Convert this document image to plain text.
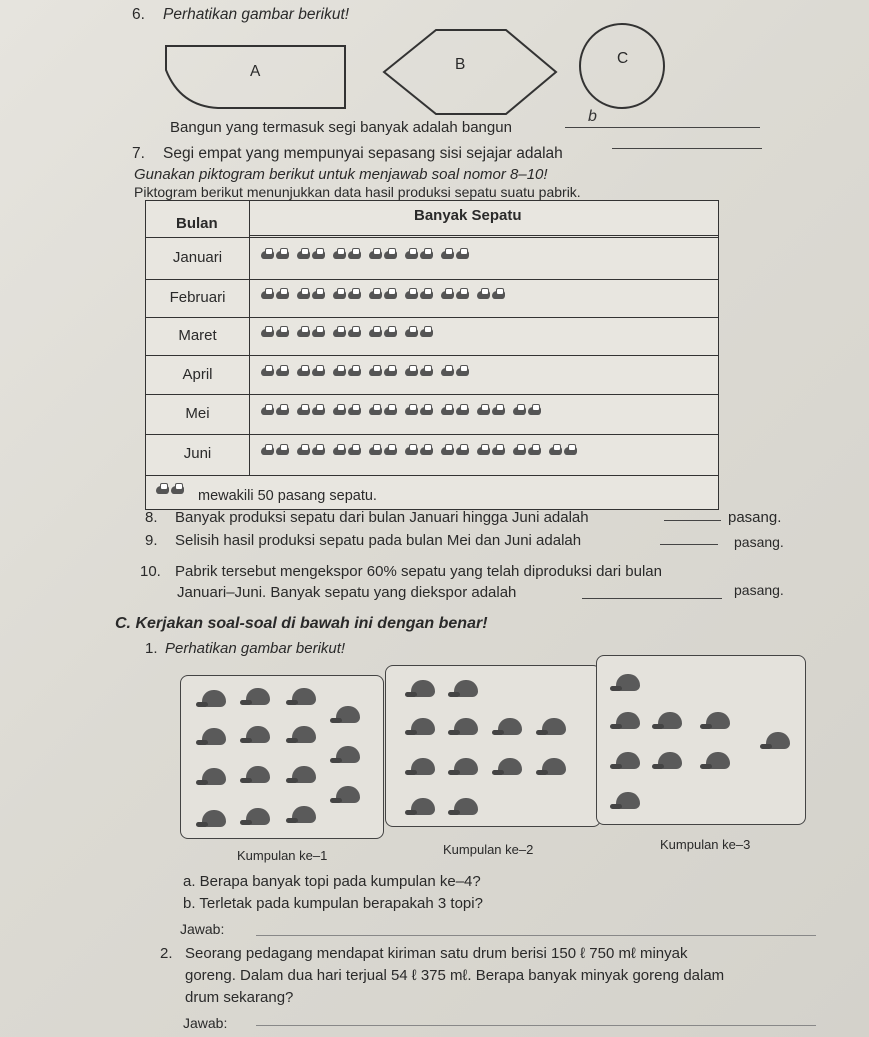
6. Perhatikan gambar berikut!
A	B	C
Bangun yang termasuk segi banyak adalah bangun
b
7. Segi empat yang mempunyai sepasang sisi sejajar adalah
Gunakan piktogram berikut untuk menjawab soal nomor 8–10!
Piktogram berikut menunjukkan data hasil produksi sepatu suatu pabrik.
Bulan	Banyak Sepatu
Januari
Februari
Maret
April
Mei
Juni
mewakili 50 pasang sepatu.
8. Banyak produksi sepatu dari bulan Januari hingga Juni adalah	pasang.
9. Selisih hasil produksi sepatu pada bulan Mei dan Juni adalah	pasang.
10. Pabrik tersebut mengekspor 60% sepatu yang telah diproduksi dari bulan
Januari–Juni. Banyak sepatu yang diekspor adalah	pasang.
C. Kerjakan soal-soal di bawah ini dengan benar!
1. Perhatikan gambar berikut!
Kumpulan ke–1	Kumpulan ke–2	Kumpulan ke–3
a. Berapa banyak topi pada kumpulan ke–4?
b. Terletak pada kumpulan berapakah 3 topi?
Jawab:
2. Seorang pedagang mendapat kiriman satu drum berisi 150 ℓ 750 mℓ minyak
goreng. Dalam dua hari terjual 54 ℓ 375 mℓ. Berapa banyak minyak goreng dalam
drum sekarang?
Jawab:
